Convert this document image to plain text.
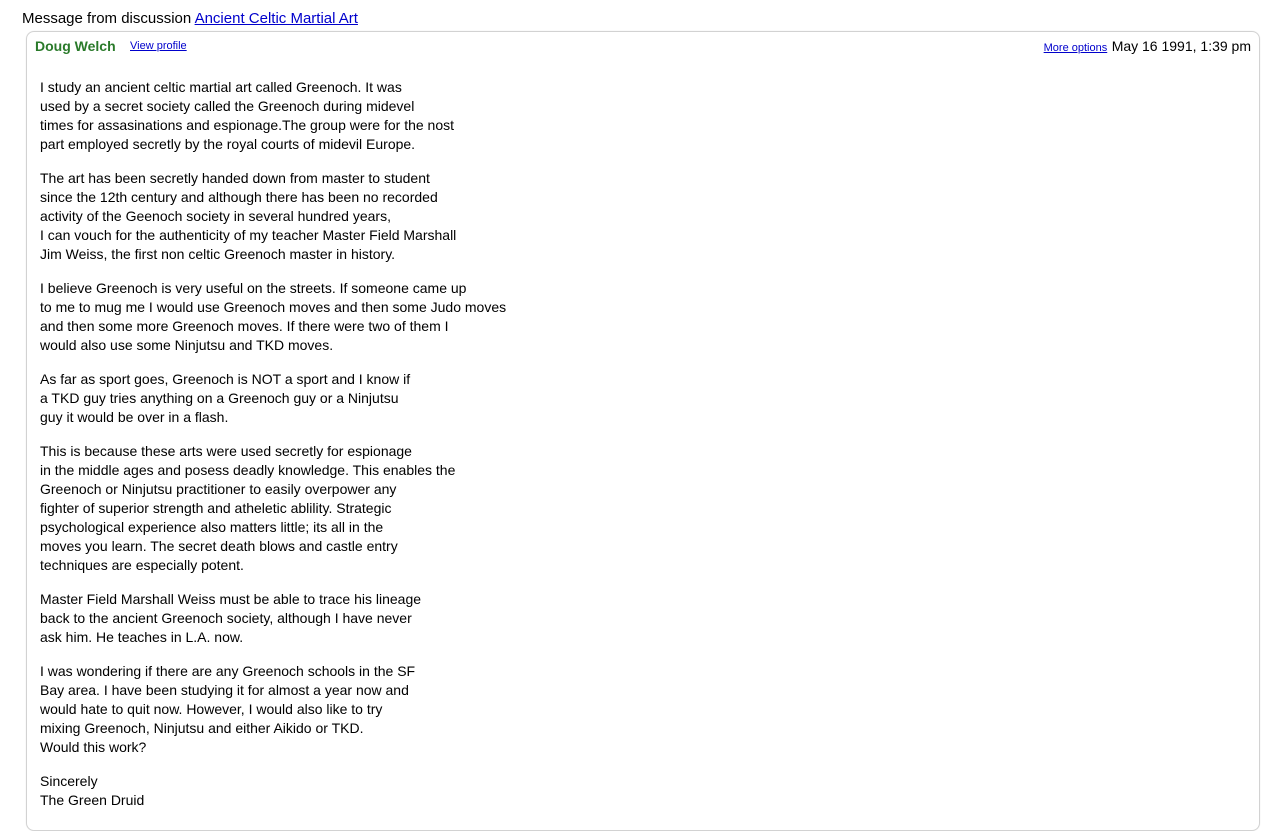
Message from discussion Ancient Celtic Martial Art
Doug Welch View profile	More options May 16 1991, 1:39 pm

I study an ancient celtic martial art called Greenoch. It was
used by a secret society called the Greenoch during midevel
times for assasinations and espionage.The group were for the nost
part employed secretly by the royal courts of midevil Europe.

The art has been secretly handed down from master to student
since the 12th century and although there has been no recorded
activity of the Geenoch society in several hundred years,
I can vouch for the authenticity of my teacher Master Field Marshall
Jim Weiss, the first non celtic Greenoch master in history.

I believe Greenoch is very useful on the streets. If someone came up
to me to mug me I would use Greenoch moves and then some Judo moves
and then some more Greenoch moves. If there were two of them I
would also use some Ninjutsu and TKD moves.

As far as sport goes, Greenoch is NOT a sport and I know if
a TKD guy tries anything on a Greenoch guy or a Ninjutsu
guy it would be over in a flash.

This is because these arts were used secretly for espionage
in the middle ages and posess deadly knowledge. This enables the
Greenoch or Ninjutsu practitioner to easily overpower any
fighter of superior strength and atheletic ablility. Strategic
psychological experience also matters little; its all in the
moves you learn. The secret death blows and castle entry
techniques are especially potent.

Master Field Marshall Weiss must be able to trace his lineage
back to the ancient Greenoch society, although I have never
ask him. He teaches in L.A. now.

I was wondering if there are any Greenoch schools in the SF
Bay area. I have been studying it for almost a year now and
would hate to quit now. However, I would also like to try
mixing Greenoch, Ninjutsu and either Aikido or TKD.
Would this work?

Sincerely
The Green Druid
